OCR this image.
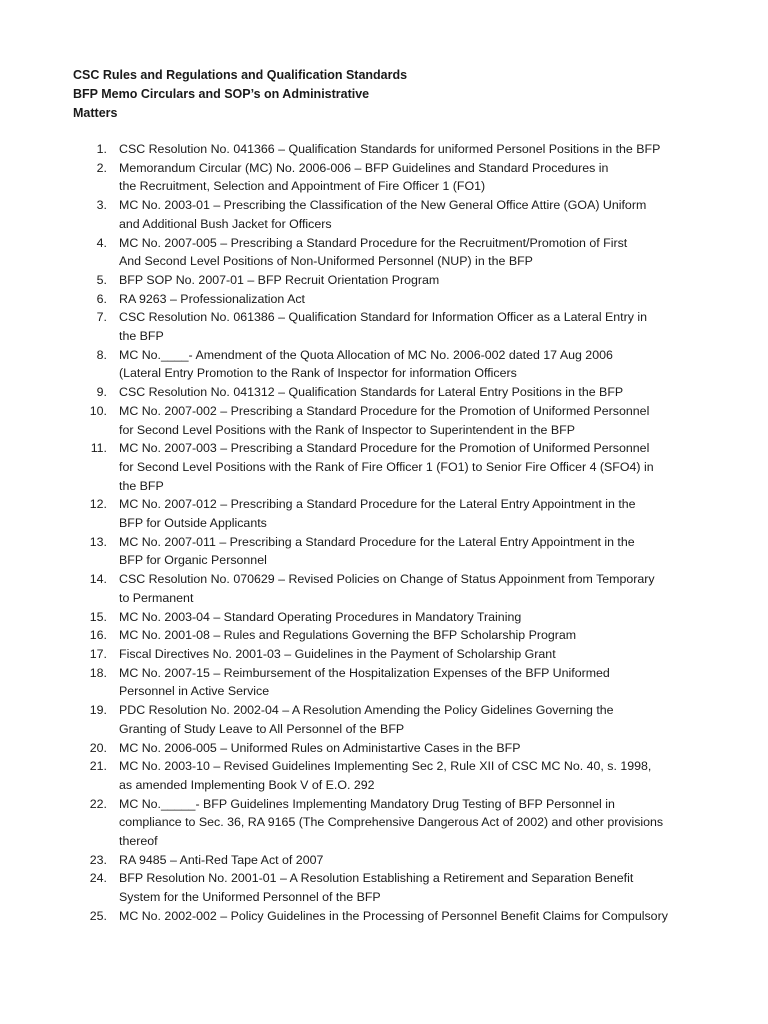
CSC Rules and Regulations and Qualification Standards
BFP Memo Circulars and SOP’s on Administrative
Matters
1. CSC Resolution No. 041366 – Qualification Standards for uniformed Personel Positions in the BFP
2. Memorandum Circular (MC) No. 2006-006 – BFP Guidelines and Standard Procedures in
the Recruitment, Selection and Appointment of Fire Officer 1 (FO1)
3. MC No. 2003-01 – Prescribing the Classification of the New General Office Attire (GOA) Uniform
and Additional Bush Jacket for Officers
4. MC No. 2007-005 – Prescribing a Standard Procedure for the Recruitment/Promotion of First
And Second Level Positions of Non-Uniformed Personnel (NUP) in the BFP
5. BFP SOP No. 2007-01 – BFP Recruit Orientation Program
6. RA 9263 – Professionalization Act
7. CSC Resolution No. 061386 – Qualification Standard for Information Officer as a Lateral Entry in
the BFP
8. MC No.____- Amendment of the Quota Allocation of MC No. 2006-002 dated 17 Aug 2006
(Lateral Entry Promotion to the Rank of Inspector for information Officers
9. CSC Resolution No. 041312 – Qualification Standards for Lateral Entry Positions in the BFP
10. MC No. 2007-002 – Prescribing a Standard Procedure for the Promotion of Uniformed Personnel
for Second Level Positions with the Rank of Inspector to Superintendent in the BFP
11. MC No. 2007-003 – Prescribing a Standard Procedure for the Promotion of Uniformed Personnel
for Second Level Positions with the Rank of Fire Officer 1 (FO1) to Senior Fire Officer 4 (SFO4) in
the BFP
12. MC No. 2007-012 – Prescribing a Standard Procedure for the Lateral Entry Appointment in the
BFP for Outside Applicants
13. MC No. 2007-011 – Prescribing a Standard Procedure for the Lateral Entry Appointment in the
BFP for Organic Personnel
14. CSC Resolution No. 070629 – Revised Policies on Change of Status Appoinment from Temporary
to Permanent
15. MC No. 2003-04 – Standard Operating Procedures in Mandatory Training
16. MC No. 2001-08 – Rules and Regulations Governing the BFP Scholarship Program
17. Fiscal Directives No. 2001-03 – Guidelines in the Payment of Scholarship Grant
18. MC No. 2007-15 – Reimbursement of the Hospitalization Expenses of the BFP Uniformed
Personnel in Active Service
19. PDC Resolution No. 2002-04 – A Resolution Amending the Policy Gidelines Governing the
Granting of Study Leave to All Personnel of the BFP
20. MC No. 2006-005 – Uniformed Rules on Administartive Cases in the BFP
21. MC No. 2003-10 – Revised Guidelines Implementing Sec 2, Rule XII of CSC MC No. 40, s. 1998,
as amended Implementing Book V of E.O. 292
22. MC No._____- BFP Guidelines Implementing Mandatory Drug Testing of BFP Personnel in
compliance to Sec. 36, RA 9165 (The Comprehensive Dangerous Act of 2002) and other provisions
thereof
23. RA 9485 – Anti-Red Tape Act of 2007
24. BFP Resolution No. 2001-01 – A Resolution Establishing a Retirement and Separation Benefit
System for the Uniformed Personnel of the BFP
25. MC No. 2002-002 – Policy Guidelines in the Processing of Personnel Benefit Claims for Compulsory
